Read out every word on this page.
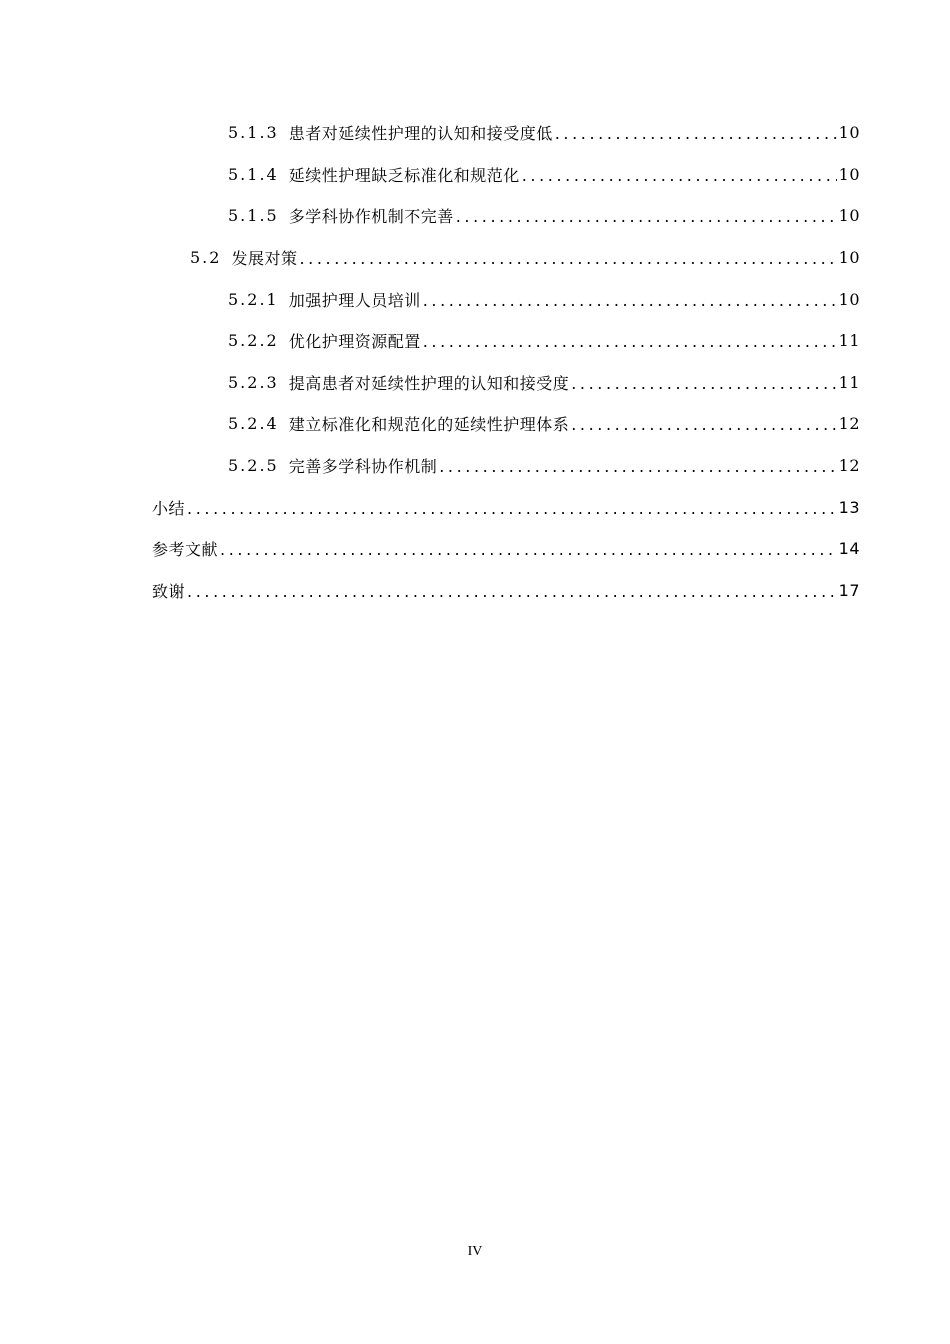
5.1.3 患者对延续性护理的认知和接受度低 .....	10
5.1.4 延续性护理缺乏标准化和规范化 .....	10
5.1.5 多学科协作机制不完善 .....	10
5.2 发展对策 .....	10
5.2.1 加强护理人员培训 .....	10
5.2.2 优化护理资源配置 .....	11
5.2.3 提高患者对延续性护理的认知和接受度 .....	11
5.2.4 建立标准化和规范化的延续性护理体系 .....	12
5.2.5 完善多学科协作机制 .....	12
小结 .....	13
参考文献 .....	14
致谢 .....	17
IV
